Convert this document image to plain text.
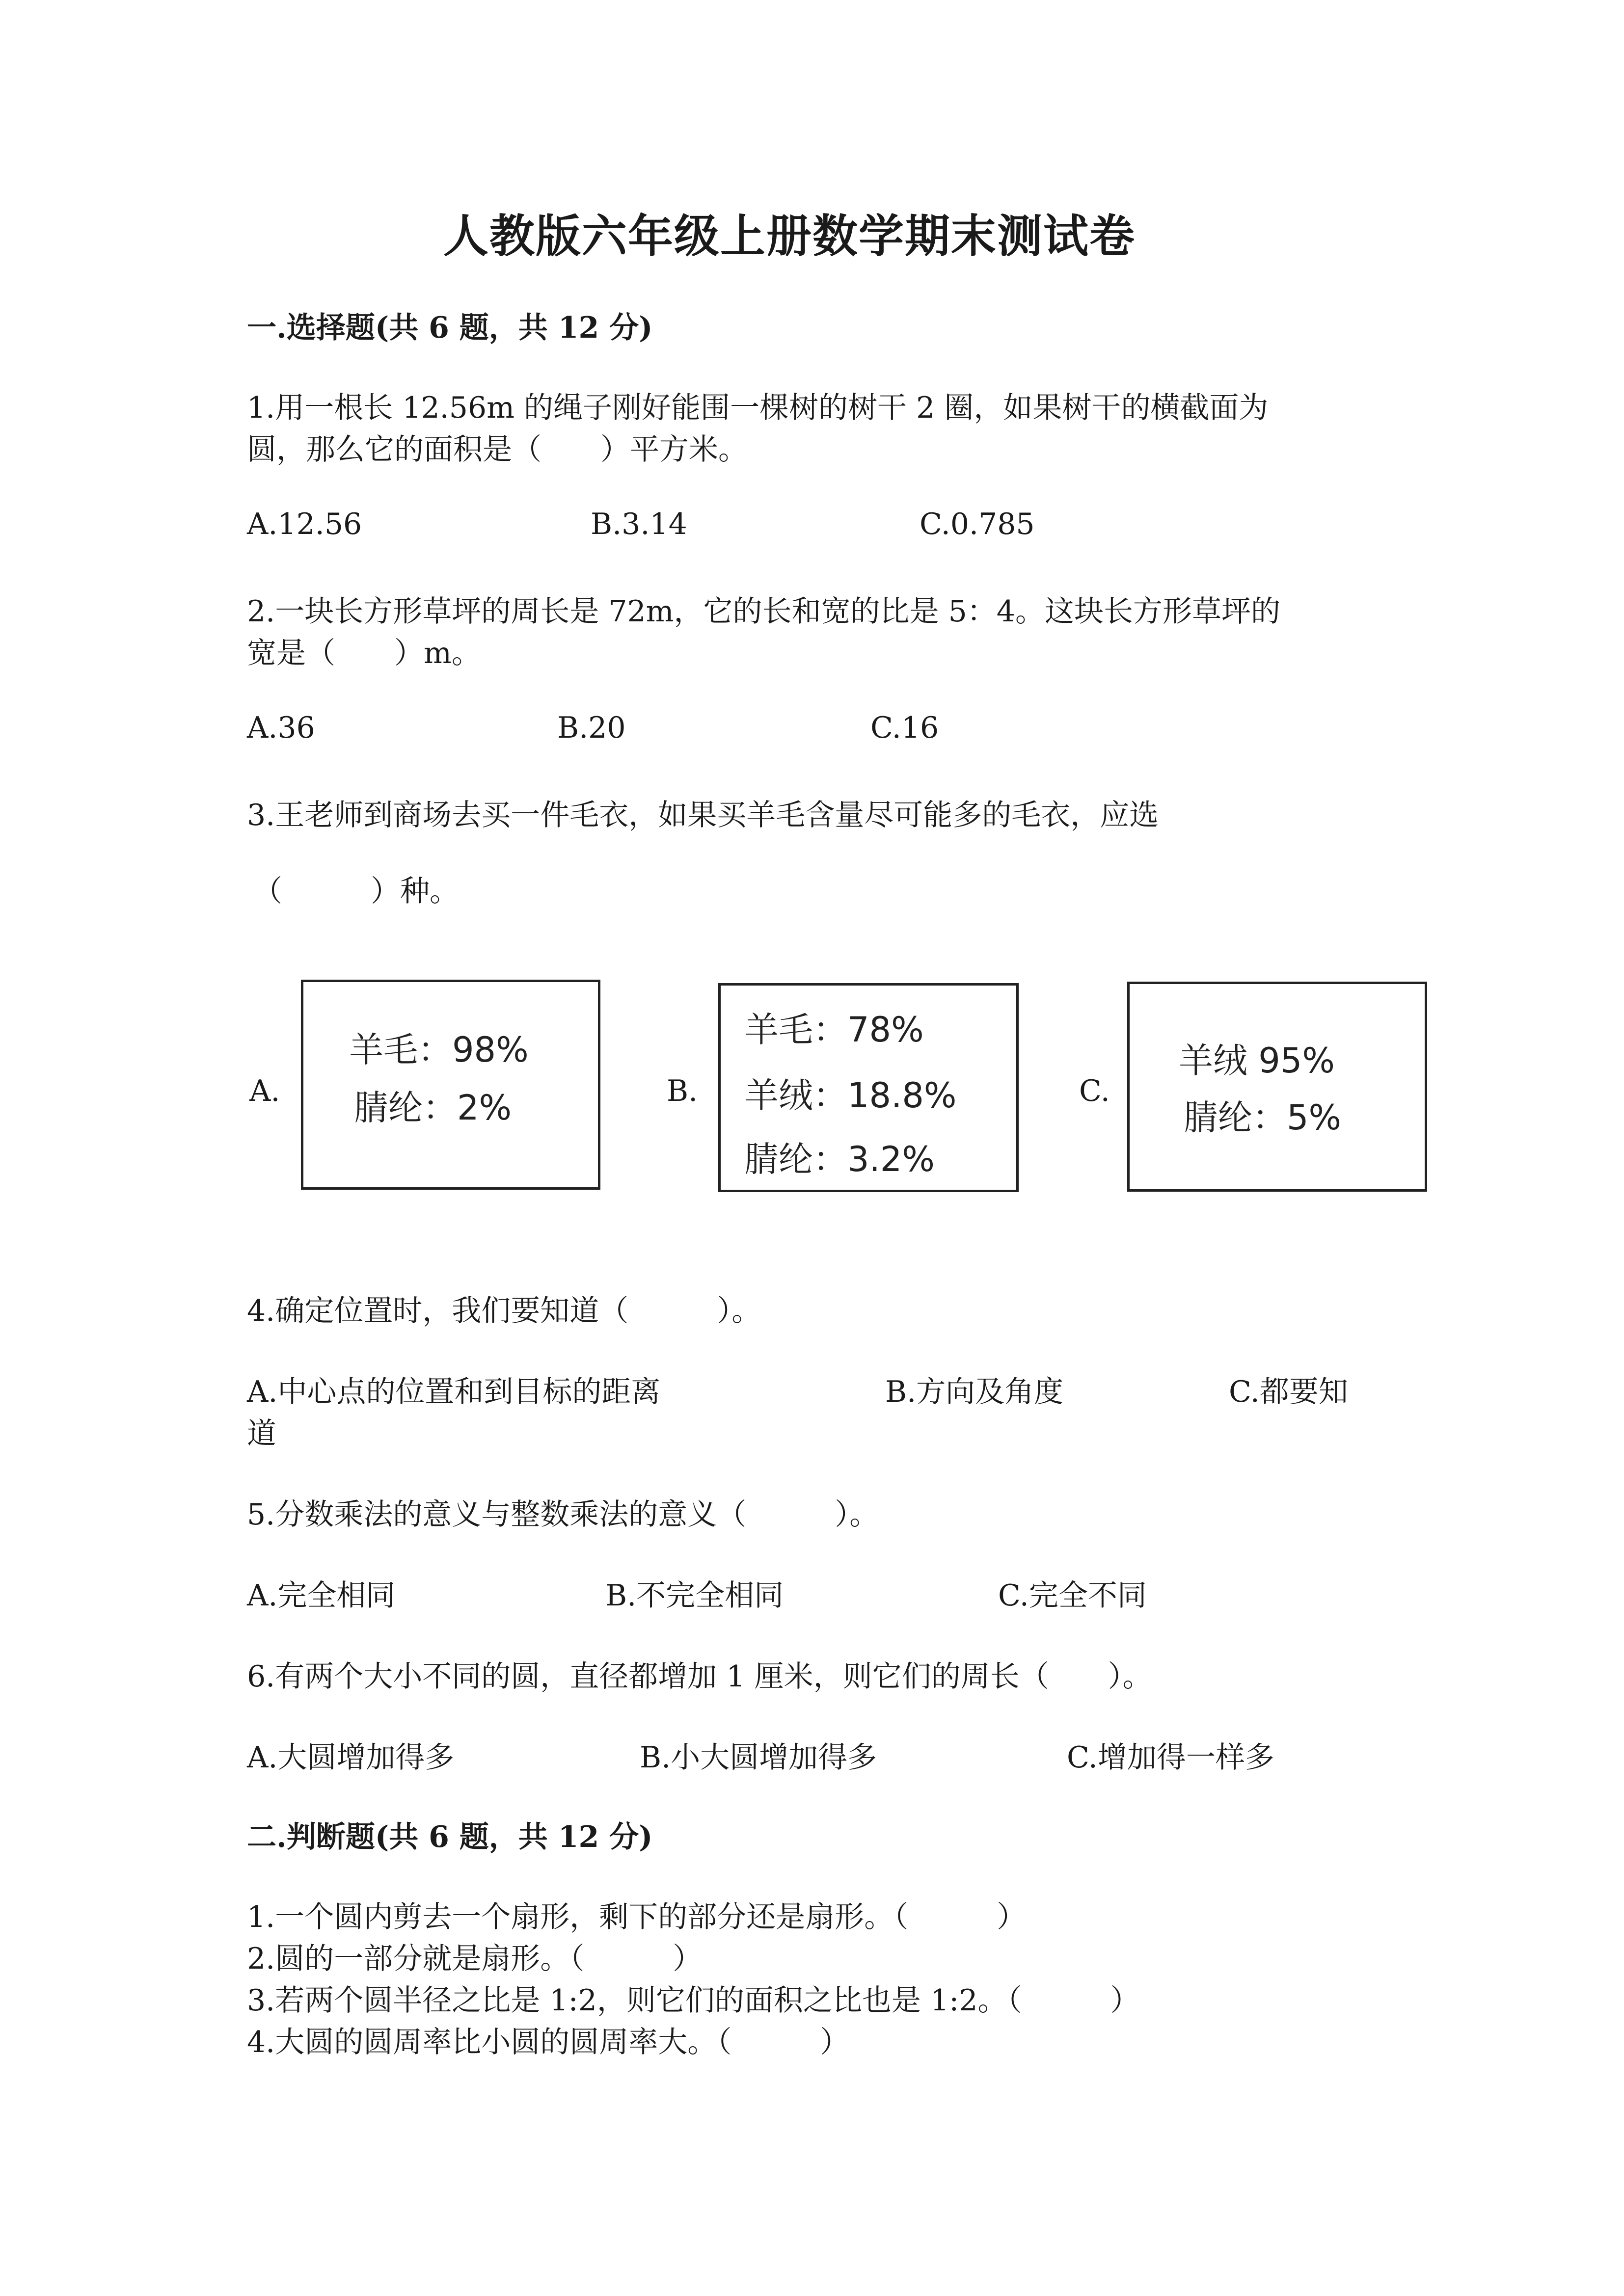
人教版六年级上册数学期末测试卷
一.选择题(共 6 题，共 12 分)
1.用一根长 12.56m 的绳子刚好能围一棵树的树干 2 圈，如果树干的横截面为
圆，那么它的面积是（　　）平方米。
A.12.56	B.3.14	C.0.785
2.一块长方形草坪的周长是 72m，它的长和宽的比是 5：4。这块长方形草坪的
宽是（　　）m。
A.36	B.20	C.16
3.王老师到商场去买一件毛衣，如果买羊毛含量尽可能多的毛衣，应选
（　　　）种。
A.
羊毛：98%
腈纶：2%	B.
羊毛：78%
羊绒：18.8%
腈纶：3.2%
C.
羊绒 95%
腈纶：5%
4.确定位置时，我们要知道（　　　）。
A.中心点的位置和到目标的距离	B.方向及角度	C.都要知
道
5.分数乘法的意义与整数乘法的意义（　　　）。
A.完全相同	B.不完全相同	C.完全不同
6.有两个大小不同的圆，直径都增加 1 厘米，则它们的周长（　　）。
A.大圆增加得多	B.小大圆增加得多	C.增加得一样多
二.判断题(共 6 题，共 12 分)
1.一个圆内剪去一个扇形，剩下的部分还是扇形。（　　　）
2.圆的一部分就是扇形。（　　　）
3.若两个圆半径之比是 1:2，则它们的面积之比也是 1:2。（　　　）
4.大圆的圆周率比小圆的圆周率大。（　　　）
